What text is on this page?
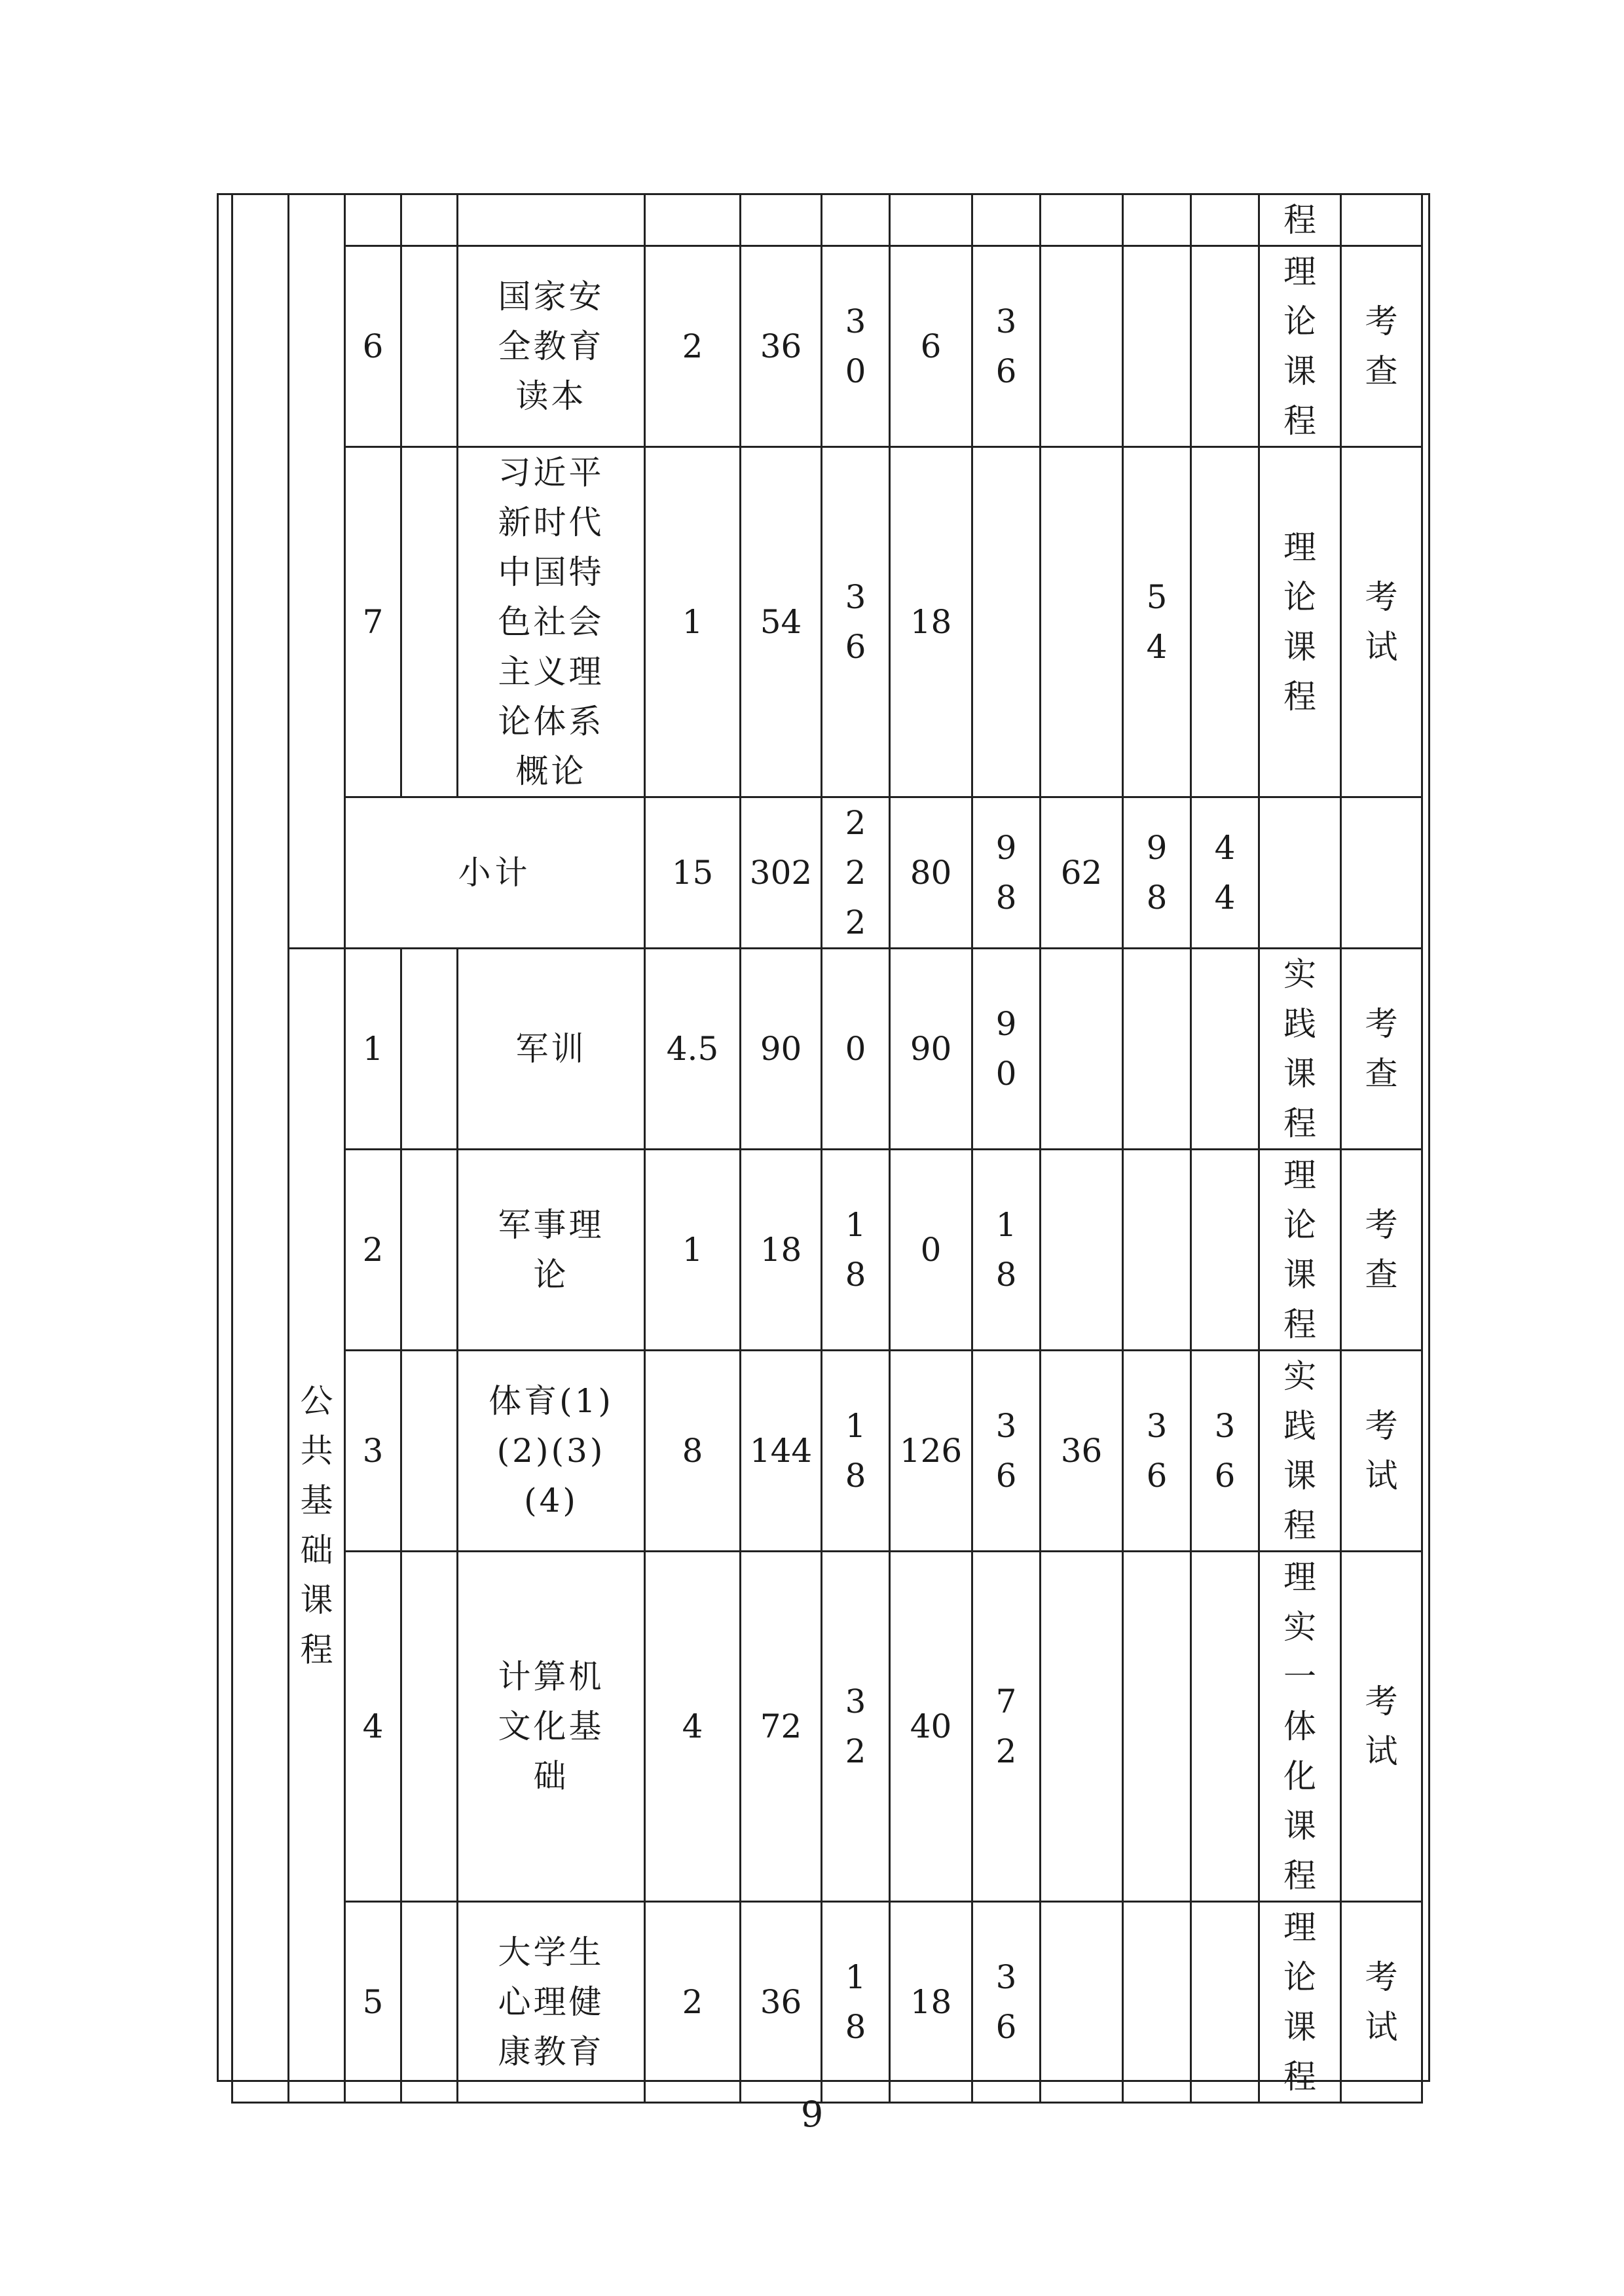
													程	
		6		国家安全教育读本	2	36	30	6	36				理论课程	考查
		7		习近平新时代中国特色社会主义理论体系概论	1	54	36	18			54		理论课程	考试
		小计			15	302	222	80	98	62	98	44		
	公共基础课程	1		军训	4.5	90	0	90	90				实践课程	考查
		2		军事理论	1	18	18	0	18				理论课程	考查
		3		体育(1)(2)(3)(4)	8	144	18	126	36	36	36	36	实践课程	考试
		4		计算机文化基础	4	72	32	40	72				理实一体化课程	考试
		5		大学生心理健康教育	2	36	18	18	36				理论课程	考试
9
